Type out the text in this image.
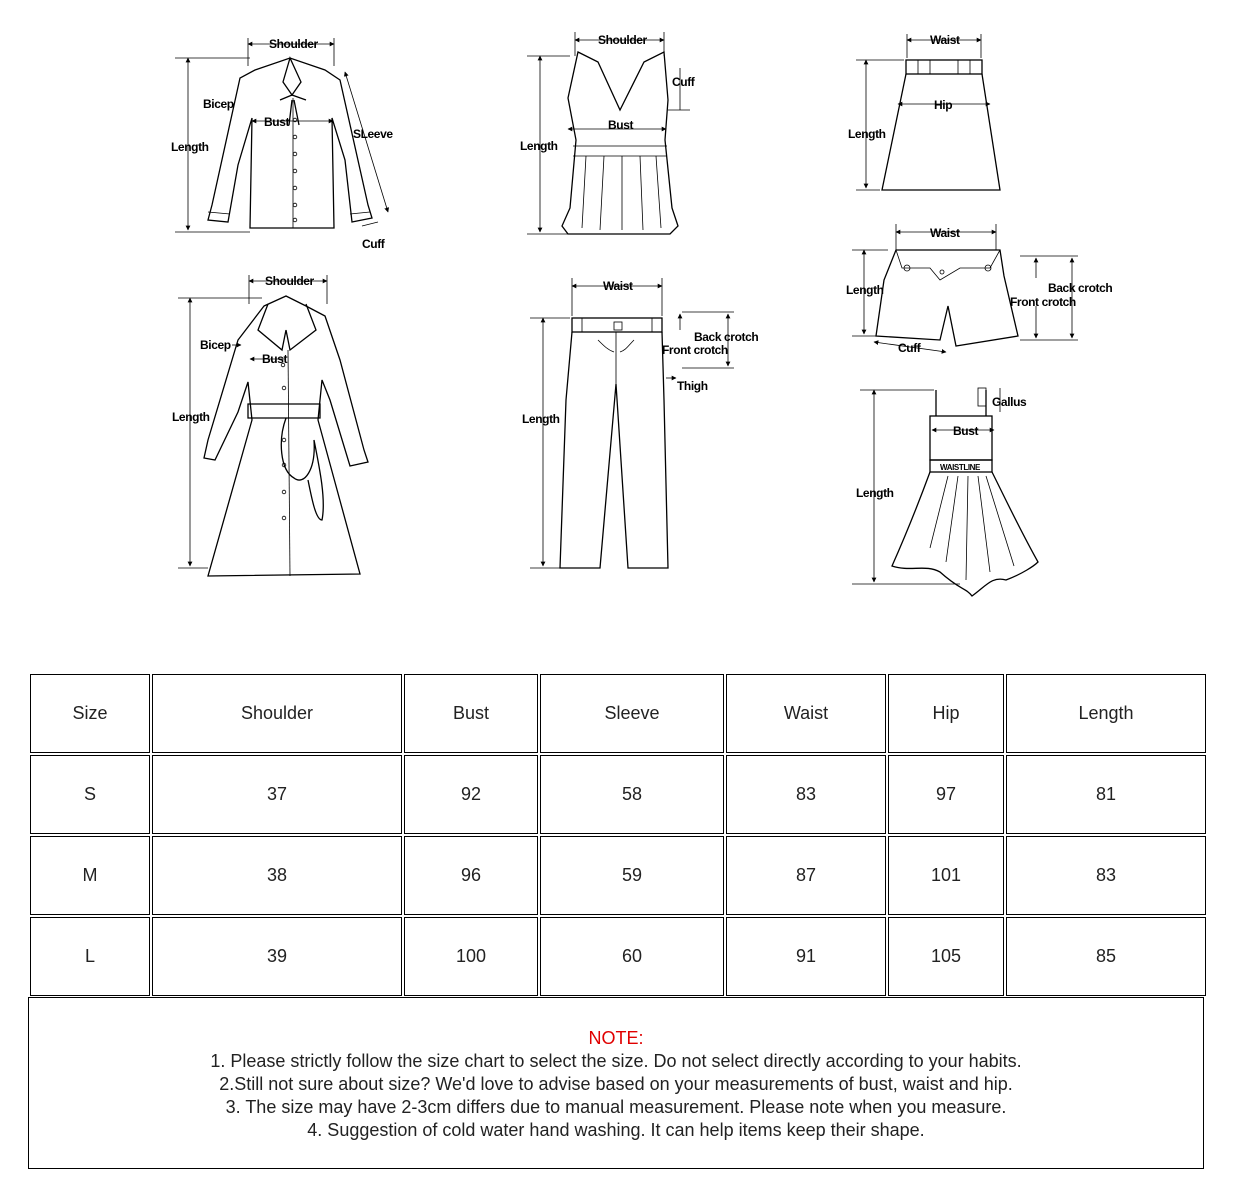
Shoulder
Bicep
Bust
Length
SLeeve
Cuff
Shoulder
Cuff
Bust
Length
Waist
Hip
Length
Shoulder
Bicep
Bust
Length
Waist
Back crotch
Front crotch
Thigh
Length
Waist
Length	Back crotch
Front crotch
Cuff
Gallus
Bust
WAISTLINE
Length
Size	Shoulder	Bust	Sleeve	Waist	Hip	Length
S	37	92	58	83	97	81
M	38	96	59	87	101	83
L	39	100	60	91	105	85
NOTE:
1. Please strictly follow the size chart to select the size. Do not select directly according to your habits.
2.Still not sure about size? We'd love to advise based on your measurements of bust, waist and hip.
3. The size may have 2-3cm differs due to manual measurement. Please note when you measure.
4. Suggestion of cold water hand washing. It can help items keep their shape.
